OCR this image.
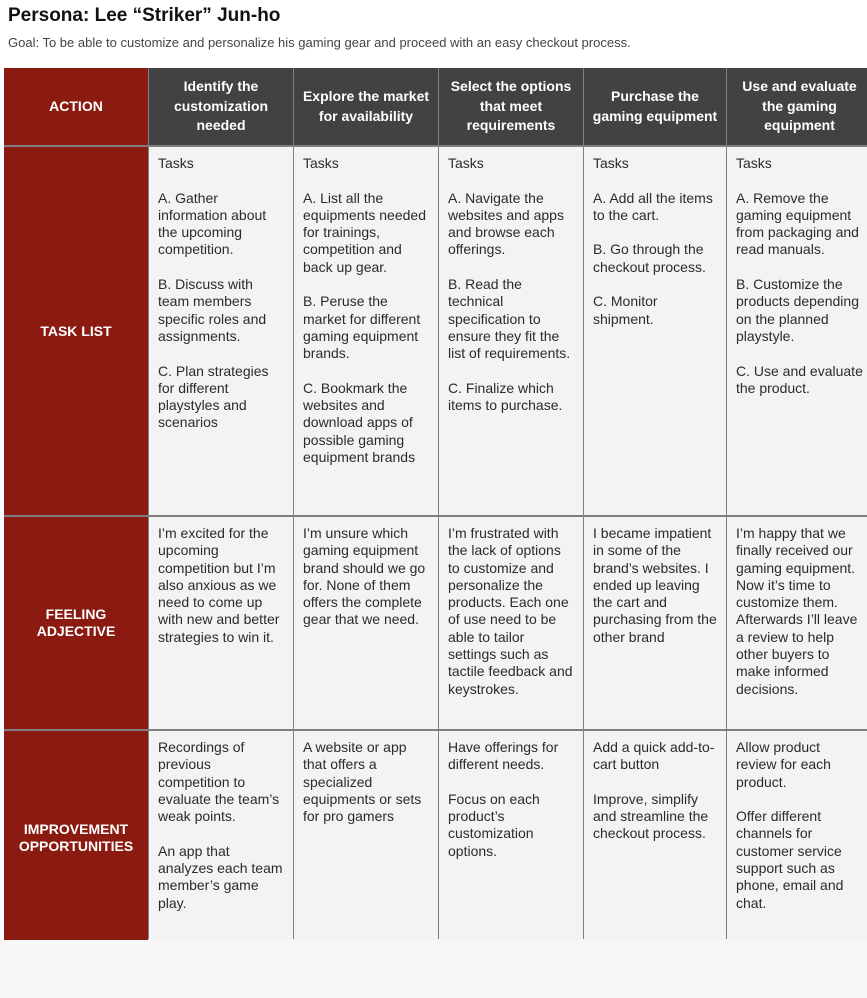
Persona: Lee “Striker” Jun-ho
Goal: To be able to customize and personalize his gaming gear and proceed with an easy checkout process.
ACTION
Identify the customization needed
Explore the market for availability
Select the options that meet requirements
Purchase the gaming equipment
Use and evaluate the gaming equipment
TASK LIST
Tasks

A. Gather information about the upcoming competition.

B. Discuss with team members specific roles and assignments.

C. Plan strategies for different playstyles and scenarios
Tasks

A. List all the equipments needed for trainings, competition and back up gear.

B. Peruse the market for different gaming equipment brands.

C. Bookmark the websites and download apps of possible gaming equipment brands
Tasks

A. Navigate the websites and apps and browse each offerings.

B. Read the technical specification to ensure they fit the list of requirements.

C. Finalize which items to purchase.
Tasks

A. Add all the items to the cart.

B. Go through the checkout process.

C. Monitor shipment.
Tasks

A. Remove the gaming equipment from packaging and read manuals.

B. Customize the products depending on the planned playstyle.

C. Use and evaluate the product.
FEELING ADJECTIVE
I’m excited for the upcoming competition but I’m also anxious as we need to come up with new and better strategies to win it.
I’m unsure which gaming equipment brand should we go for. None of them offers the complete gear that we need.
I’m frustrated with the lack of options to customize and personalize the products. Each one of use need to be able to tailor settings such as tactile feedback and keystrokes.
I became impatient in some of the brand’s websites. I ended up leaving the cart and purchasing from the other brand
I’m happy that we finally received our gaming equipment. Now it’s time to customize them. Afterwards I’ll leave a review to help other buyers to make informed decisions.
IMPROVEMENT OPPORTUNITIES
Recordings of previous competition to evaluate the team’s weak points.

An app that analyzes each team member’s game play.
A website or app that offers a specialized equipments or sets for pro gamers
Have offerings for different needs.

Focus on each product’s customization options.
Add a quick add-to-cart button

Improve, simplify and streamline the checkout process.
Allow product review for each product.

Offer different channels for customer service support such as phone, email and chat.
